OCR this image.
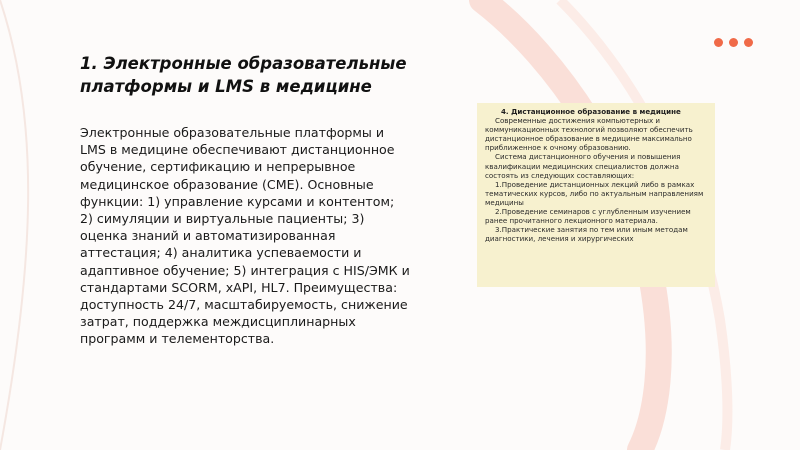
1. Электронные образовательные платформы и LMS в медицине

Электронные образовательные платформы и LMS в медицине обеспечивают дистанционное обучение, сертификацию и непрерывное медицинское образование (CME). Основные функции: 1) управление курсами и контентом; 2) симуляции и виртуальные пациенты; 3) оценка знаний и автоматизированная аттестация; 4) аналитика успеваемости и адаптивное обучение; 5) интеграция с HIS/ЭМК и стандартами SCORM, xAPI, HL7. Преимущества: доступность 24/7, масштабируемость, снижение затрат, поддержка междисциплинарных программ и телементорства.

4. Дистанционное образование в медицине
Современные достижения компьютерных и коммуникационных технологий позволяют обеспечить дистанционное образование в медицине максимально приближенное к очному образованию.
Система дистанционного обучения и повышения квалификации медицинских специалистов должна состоять из следующих составляющих:
1.Проведение дистанционных лекций либо в рамках тематических курсов, либо по актуальным направлениям медицины
2.Проведение семинаров с углубленным изучением ранее прочитанного лекционного материала.
3.Практические занятия по тем или иным методам диагностики, лечения и хирургических
